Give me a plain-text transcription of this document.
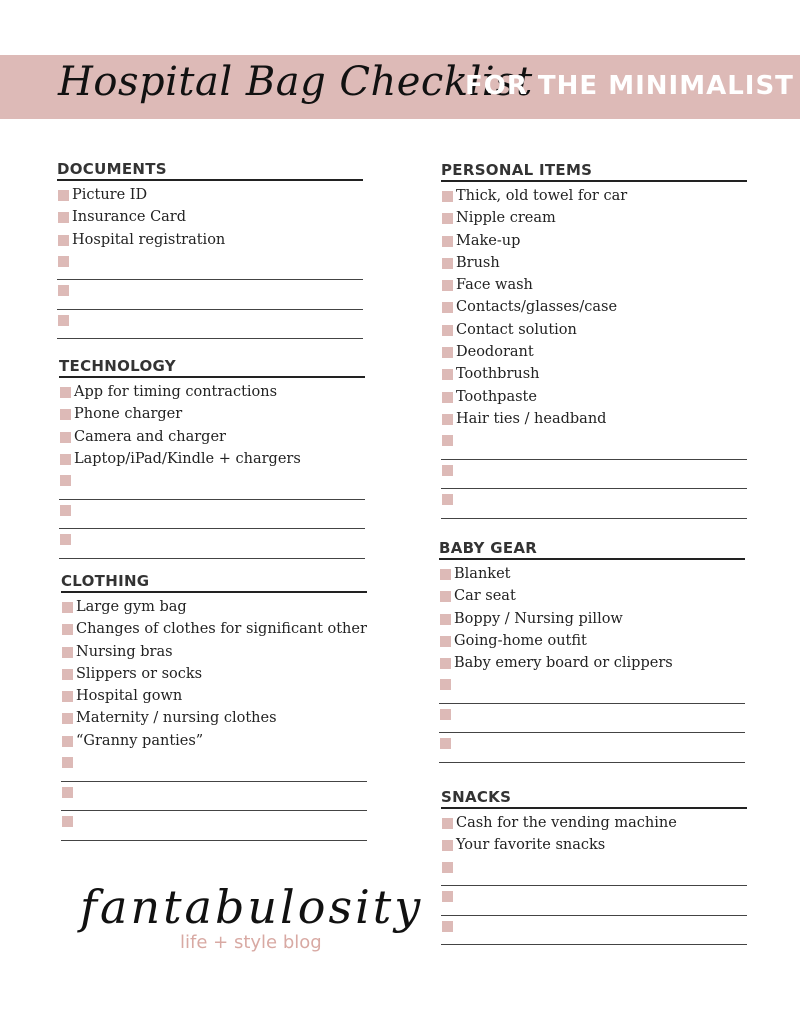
Hospital Bag Checklist
FOR THE MINIMALIST
DOCUMENTS
Picture ID
Insurance Card
Hospital registration
TECHNOLOGY
App for timing contractions
Phone charger
Camera and charger
Laptop/iPad/Kindle + chargers
CLOTHING
Large gym bag
Changes of clothes for significant other
Nursing bras
Slippers or socks
Hospital gown
Maternity / nursing clothes
“Granny panties”
PERSONAL ITEMS
Thick, old towel for car
Nipple cream
Make-up
Brush
Face wash
Contacts/glasses/case
Contact solution
Deodorant
Toothbrush
Toothpaste
Hair ties / headband
BABY GEAR
Blanket
Car seat
Boppy / Nursing pillow
Going-home outfit
Baby emery board or clippers
SNACKS
Cash for the vending machine
Your favorite snacks
fantabulosity
life + style blog
